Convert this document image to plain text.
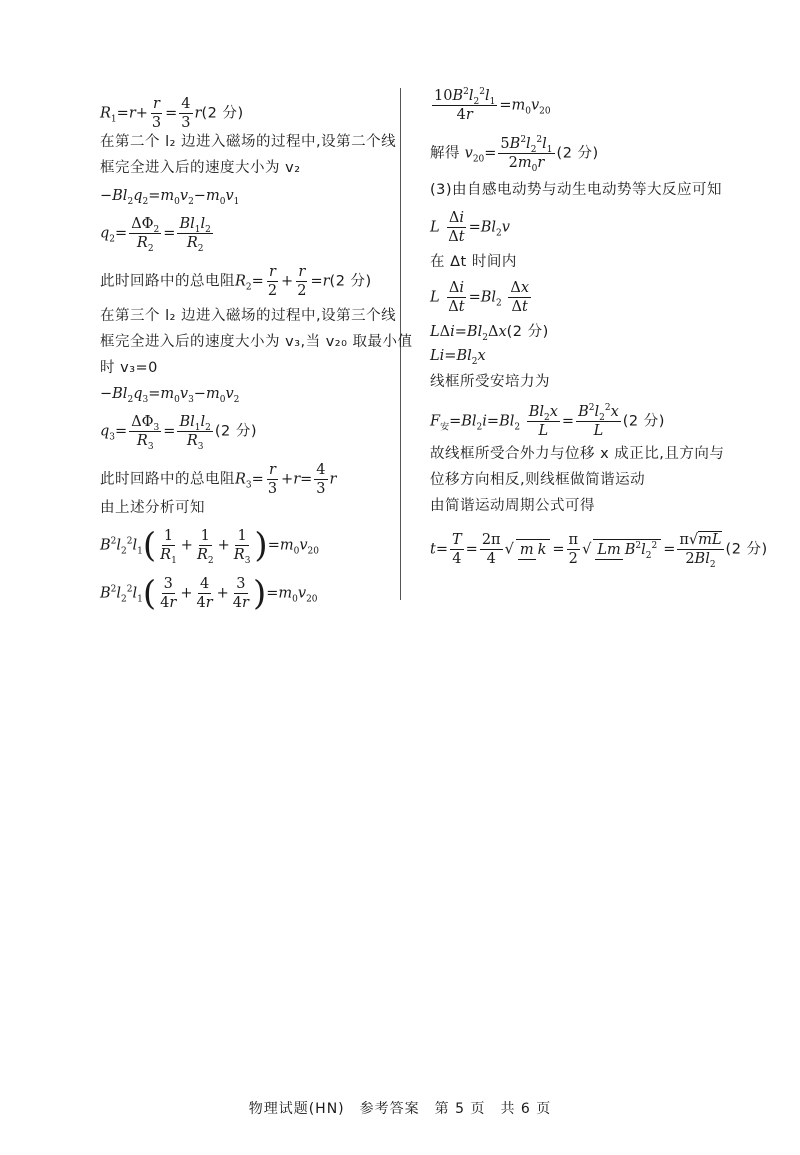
$R_1=r+ \frac{r}{3} = \frac{4}{3} r(2$ 分)
在第二个 l₂ 边进入磁场的过程中,设第二个线
框完全进入后的速度大小为 v₂
$-Bl_2q_2=m_0v_2-m_0v_1$
$q_2= \frac{\Delta\Phi_2}{R_2} = \frac{Bl_1l_2}{R_2}$
此时回路中的总电阻$R_2= \frac{r}{2} + \frac{r}{2} =r(2$ 分)
在第三个 l₂ 边进入磁场的过程中,设第三个线
框完全进入后的速度大小为 v₃,当 v₂₀ 取最小值
时 v₃=0
$-Bl_2q_3=m_0v_3-m_0v_2$
$q_3= \frac{\Delta\Phi_3}{R_3} = \frac{Bl_1l_2}{R_3} (2$ 分)
此时回路中的总电阻$R_3= \frac{r}{3} +r= \frac{4}{3}$ r
由上述分析可知
$B^2l_2^2l_1( \frac{1}{R_1} + \frac{1}{R_2} + \frac{1}{R_3} )=m_0v_{20}$
$B^2l_2^2l_1( \frac{3}{4r} + \frac{4}{4r} + \frac{3}{4r} )=m_0v_{20}$
$\frac{10B^2l_2^2l_1}{4r} =m_0v_{20}$
解得 $v_{20}= \frac{5B^2l_2^2l_1}{2m_0r} (2$ 分)
(3)由自感电动势与动生电动势等大反应可知
L $\frac{\Delta i}{\Delta t} =Bl_2v$
在 Δt 时间内
L $\frac{\Delta i}{\Delta t} =Bl_2 \frac{\Delta x}{\Delta t}$
$L\Delta i=Bl_2\Delta x(2$ 分)
$Li=Bl_2x$
线框所受安培力为
$F_安=Bl_2i=Bl_2 \frac{Bl_2x}{L} = \frac{B^2l_2^2x}{L} (2$ 分)
故线框所受合外力与位移 x 成正比,且方向与
位移方向相反,则线框做简谐运动
由简谐运动周期公式可得
$t= \frac{T}{4} = \frac{2\pi}{4}$ √ m $k = \frac{\pi}{2}$ √ Lm $B^2l_2^2 = \frac{\pi√mL}{2Bl_2} (2$ 分)
物理试题(HN)　参考答案　第 5 页　共 6 页
